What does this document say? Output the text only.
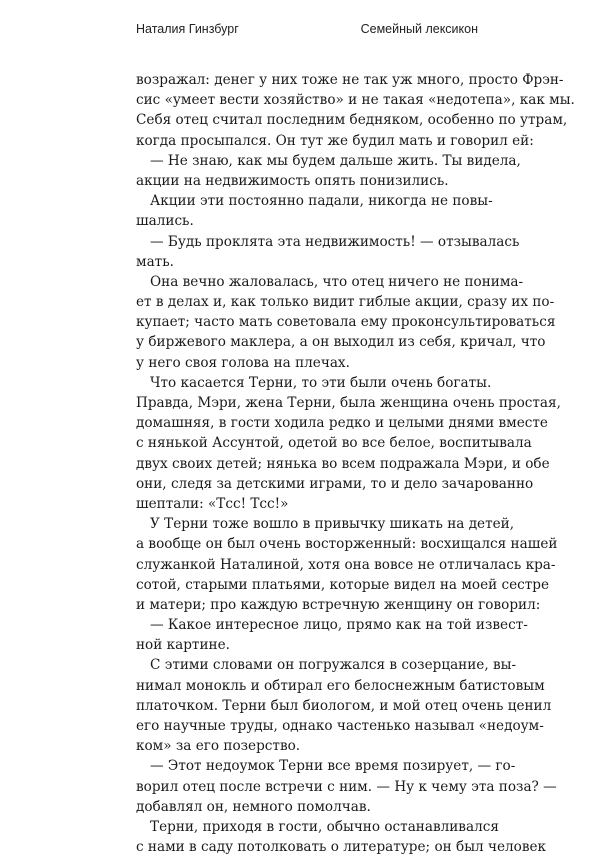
Наталия Гинзбург	Семейный лексикон
возражал: денег у них тоже не так уж много, просто Фрэн-
сис «умеет вести хозяйство» и не такая «недотепа», как мы.
Себя отец считал последним бедняком, особенно по утрам,
когда просыпался. Он тут же будил мать и говорил ей:
— Не знаю, как мы будем дальше жить. Ты видела,
акции на недвижимость опять понизились.
Акции эти постоянно падали, никогда не повы-
шались.
— Будь проклята эта недвижимость! — отзывалась
мать.
Она вечно жаловалась, что отец ничего не понима-
ет в делах и, как только видит гиблые акции, сразу их по-
купает; часто мать советовала ему проконсультироваться
у биржевого маклера, а он выходил из себя, кричал, что
у него своя голова на плечах.
Что касается Терни, то эти были очень богаты.
Правда, Мэри, жена Терни, была женщина очень простая,
домашняя, в гости ходила редко и целыми днями вместе
с нянькой Ассунтой, одетой во все белое, воспитывала
двух своих детей; нянька во всем подражала Мэри, и обе
они, следя за детскими играми, то и дело зачарованно
шептали: «Тсс! Тсс!»
У Терни тоже вошло в привычку шикать на детей,
а вообще он был очень восторженный: восхищался нашей
служанкой Наталиной, хотя она вовсе не отличалась кра-
сотой, старыми платьями, которые видел на моей сестре
и матери; про каждую встречную женщину он говорил:
— Какое интересное лицо, прямо как на той извест-
ной картине.
С этими словами он погружался в созерцание, вы-
нимал монокль и обтирал его белоснежным батистовым
платочком. Терни был биологом, и мой отец очень ценил
его научные труды, однако частенько называл «недоум-
ком» за его позерство.
— Этот недоумок Терни все время позирует, — го-
ворил отец после встречи с ним. — Ну к чему эта поза? —
добавлял он, немного помолчав.
Терни, приходя в гости, обычно останавливался
с нами в саду потолковать о литературе; он был человек
